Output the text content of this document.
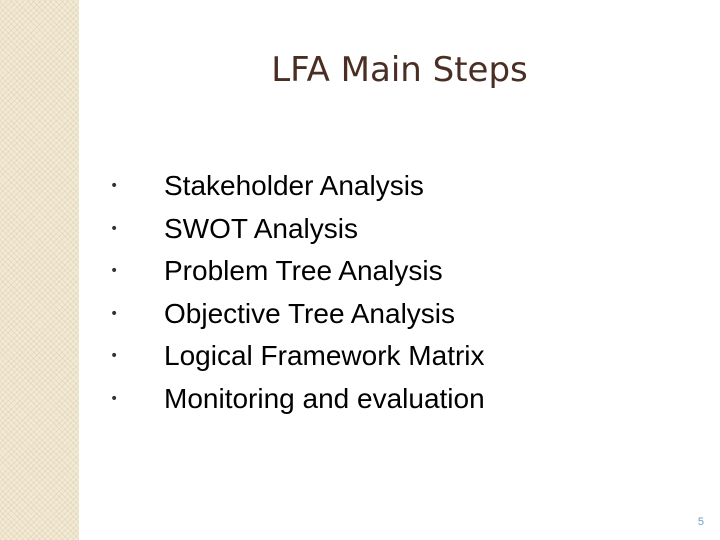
LFA Main Steps
• Stakeholder Analysis
• SWOT Analysis
• Problem Tree Analysis
• Objective Tree Analysis
• Logical Framework Matrix
• Monitoring and evaluation
5
